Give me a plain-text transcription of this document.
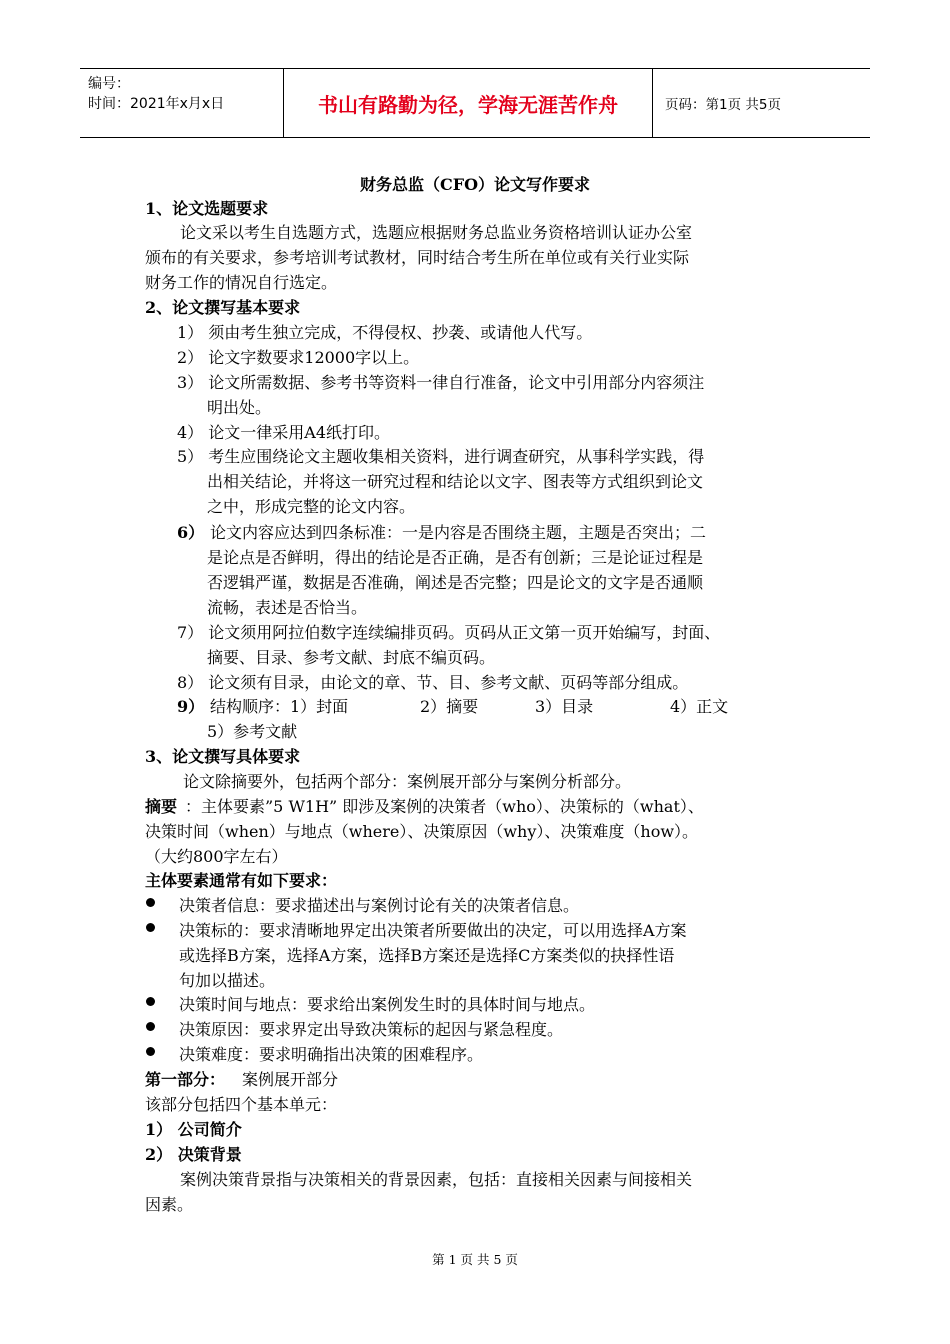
编号：
时间：2021年x月x日	书山有路勤为径，学海无涯苦作舟	页码：第1页 共5页
财务总监（CFO）论文写作要求
1、论文选题要求
论文采以考生自选题方式，选题应根据财务总监业务资格培训认证办公室
颁布的有关要求，参考培训考试教材，同时结合考生所在单位或有关行业实际
财务工作的情况自行选定。
2、论文撰写基本要求
1） 须由考生独立完成，不得侵权、抄袭、或请他人代写。
2） 论文字数要求12000字以上。
3） 论文所需数据、参考书等资料一律自行准备，论文中引用部分内容须注
明出处。
4） 论文一律采用A4纸打印。
5） 考生应围绕论文主题收集相关资料，进行调查研究，从事科学实践，得
出相关结论，并将这一研究过程和结论以文字、图表等方式组织到论文
之中，形成完整的论文内容。
6） 论文内容应达到四条标准：一是内容是否围绕主题，主题是否突出；二
是论点是否鲜明，得出的结论是否正确，是否有创新；三是论证过程是
否逻辑严谨，数据是否准确，阐述是否完整；四是论文的文字是否通顺
流畅，表述是否恰当。
7） 论文须用阿拉伯数字连续编排页码。页码从正文第一页开始编写，封面、
摘要、目录、参考文献、封底不编页码。
8） 论文须有目录，由论文的章、节、目、参考文献、页码等部分组成。
9） 结构顺序：1）封面	2）摘要	3）目录	4）正文
5）参考文献
3、论文撰写具体要求
论文除摘要外，包括两个部分：案例展开部分与案例分析部分。
摘要 ：主体要素”5 W1H” 即涉及案例的决策者（who）、决策标的（what）、
决策时间（when）与地点（where）、决策原因（why）、决策难度（how）。
（大约800字左右）
主体要素通常有如下要求：
决策者信息：要求描述出与案例讨论有关的决策者信息。
决策标的：要求清晰地界定出决策者所要做出的决定，可以用选择A方案
或选择B方案，选择A方案，选择B方案还是选择C方案类似的抉择性语
句加以描述。
决策时间与地点：要求给出案例发生时的具体时间与地点。
决策原因：要求界定出导致决策标的起因与紧急程度。
决策难度：要求明确指出决策的困难程序。
第一部分： 案例展开部分
该部分包括四个基本单元：
1） 公司简介
2） 决策背景
案例决策背景指与决策相关的背景因素，包括：直接相关因素与间接相关
因素。
第 1 页 共 5 页
